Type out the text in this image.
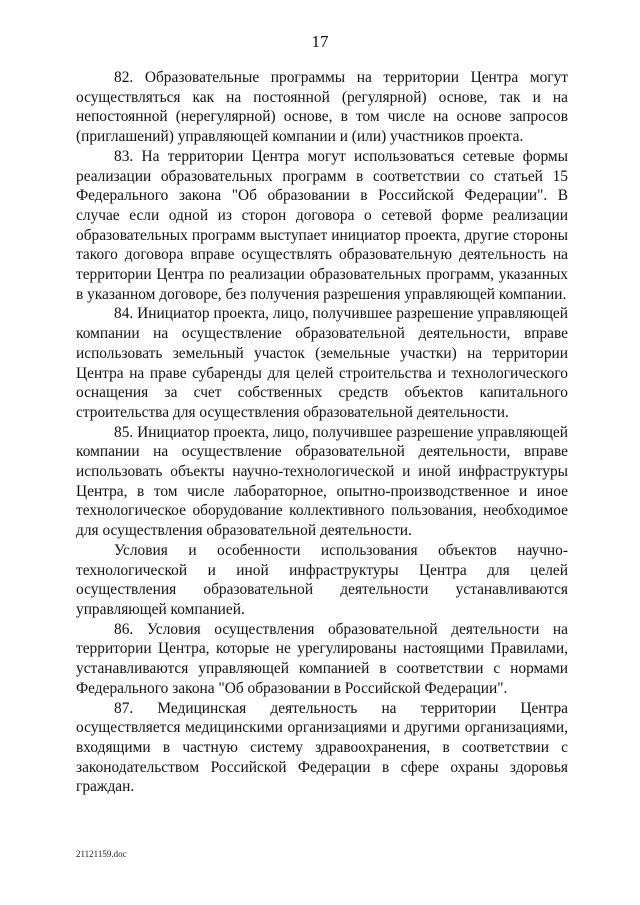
17

82. Образовательные программы на территории Центра могут осуществляться как на постоянной (регулярной) основе, так и на непостоянной (нерегулярной) основе, в том числе на основе запросов (приглашений) управляющей компании и (или) участников проекта.

83. На территории Центра могут использоваться сетевые формы реализации образовательных программ в соответствии со статьей 15 Федерального закона "Об образовании в Российской Федерации". В случае если одной из сторон договора о сетевой форме реализации образовательных программ выступает инициатор проекта, другие стороны такого договора вправе осуществлять образовательную деятельность на территории Центра по реализации образовательных программ, указанных в указанном договоре, без получения разрешения управляющей компании.

84. Инициатор проекта, лицо, получившее разрешение управляющей компании на осуществление образовательной деятельности, вправе использовать земельный участок (земельные участки) на территории Центра на праве субаренды для целей строительства и технологического оснащения за счет собственных средств объектов капитального строительства для осуществления образовательной деятельности.

85. Инициатор проекта, лицо, получившее разрешение управляющей компании на осуществление образовательной деятельности, вправе использовать объекты научно-технологической и иной инфраструктуры Центра, в том числе лабораторное, опытно-производственное и иное технологическое оборудование коллективного пользования, необходимое для осуществления образовательной деятельности.

Условия и особенности использования объектов научно-технологической и иной инфраструктуры Центра для целей осуществления образовательной деятельности устанавливаются управляющей компанией.

86. Условия осуществления образовательной деятельности на территории Центра, которые не урегулированы настоящими Правилами, устанавливаются управляющей компанией в соответствии с нормами Федерального закона "Об образовании в Российской Федерации".

87. Медицинская деятельность на территории Центра осуществляется медицинскими организациями и другими организациями, входящими в частную систему здравоохранения, в соответствии с законодательством Российской Федерации в сфере охраны здоровья граждан.

21121159.doc
